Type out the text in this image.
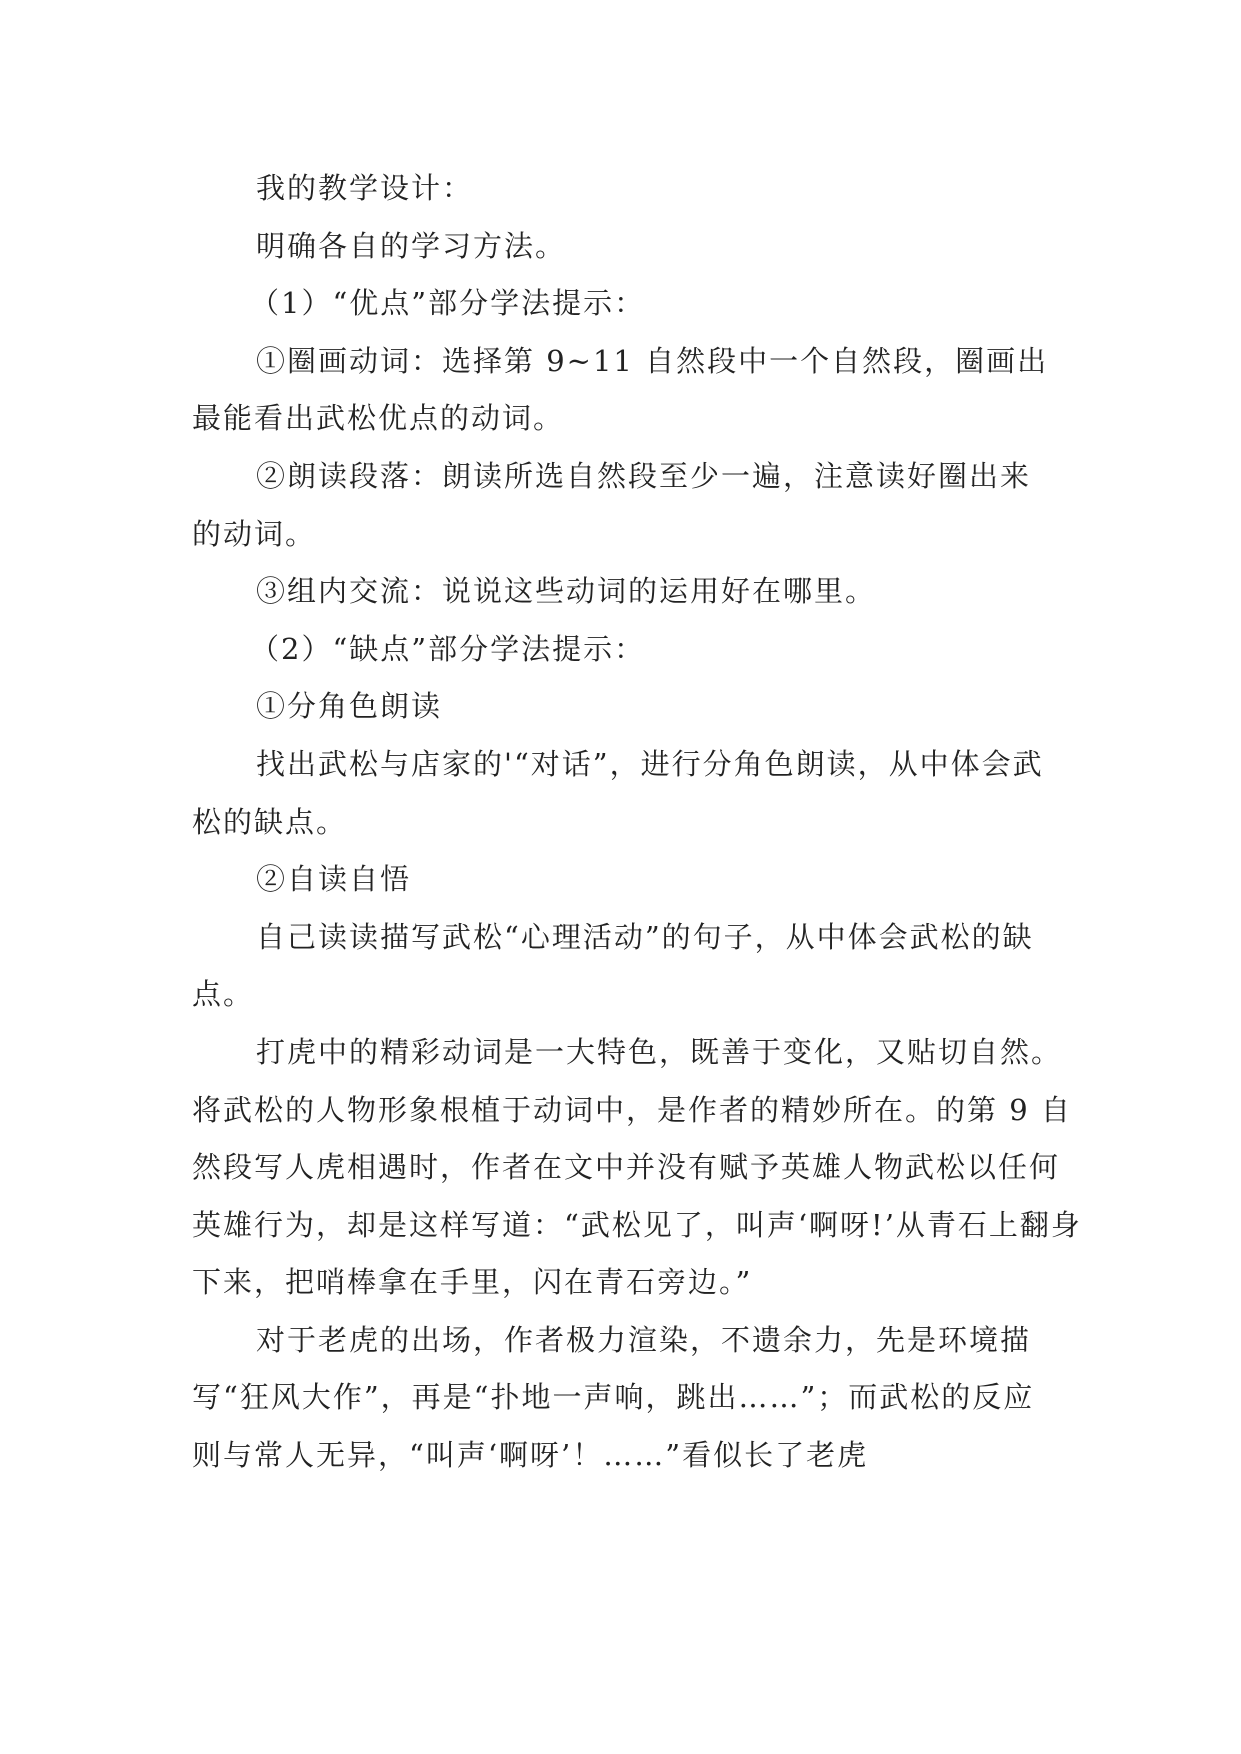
我的教学设计：

明确各自的学习方法。

（1）“优点”部分学法提示：

①圈画动词：选择第 9~11 自然段中一个自然段，圈画出最能看出武松优点的动词。

②朗读段落：朗读所选自然段至少一遍，注意读好圈出来的动词。

③组内交流：说说这些动词的运用好在哪里。

（2）“缺点”部分学法提示：

①分角色朗读

找出武松与店家的'“对话”，进行分角色朗读，从中体会武松的缺点。

②自读自悟

自己读读描写武松“心理活动”的句子，从中体会武松的缺点。

打虎中的精彩动词是一大特色，既善于变化，又贴切自然。将武松的人物形象根植于动词中，是作者的精妙所在。的第 9 自然段写人虎相遇时，作者在文中并没有赋予英雄人物武松以任何英雄行为，却是这样写道：“武松见了，叫声‘啊呀!’从青石上翻身下来，把哨棒拿在手里，闪在青石旁边。”

对于老虎的出场，作者极力渲染，不遗余力，先是环境描写“狂风大作”，再是“扑地一声响，跳出……”；而武松的反应则与常人无异，“叫声‘啊呀’！……”看似长了老虎
